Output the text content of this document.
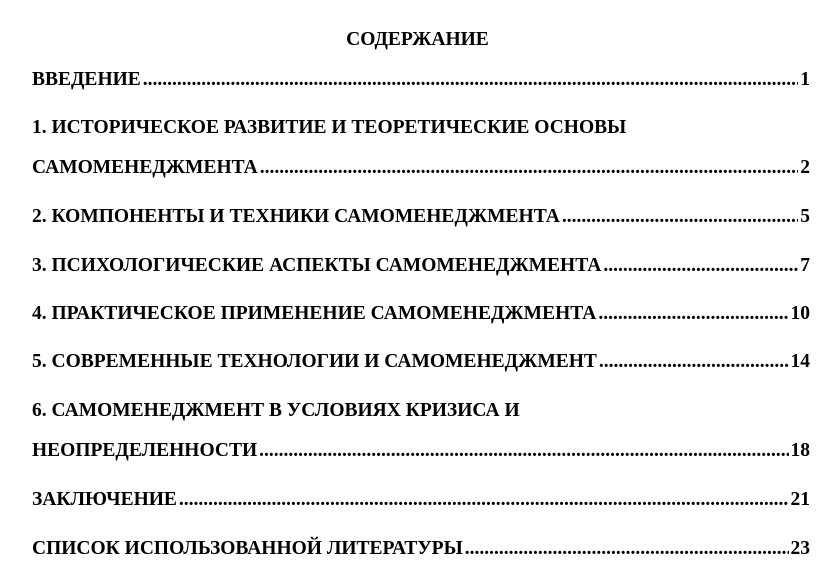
СОДЕРЖАНИЕ
ВВЕДЕНИЕ .....	1
1. ИСТОРИЧЕСКОЕ РАЗВИТИЕ И ТЕОРЕТИЧЕСКИЕ ОСНОВЫ
САМОМЕНЕДЖМЕНТА .....	2
2. КОМПОНЕНТЫ И ТЕХНИКИ САМОМЕНЕДЖМЕНТА .....	5
3. ПСИХОЛОГИЧЕСКИЕ АСПЕКТЫ САМОМЕНЕДЖМЕНТА .....	7
4. ПРАКТИЧЕСКОЕ ПРИМЕНЕНИЕ САМОМЕНЕДЖМЕНТА .....	10
5. СОВРЕМЕННЫЕ ТЕХНОЛОГИИ И САМОМЕНЕДЖМЕНТ .....	14
6. САМОМЕНЕДЖМЕНТ В УСЛОВИЯХ КРИЗИСА И
НЕОПРЕДЕЛЕННОСТИ .....	18
ЗАКЛЮЧЕНИЕ .....	21
СПИСОК ИСПОЛЬЗОВАННОЙ ЛИТЕРАТУРЫ .....	23
